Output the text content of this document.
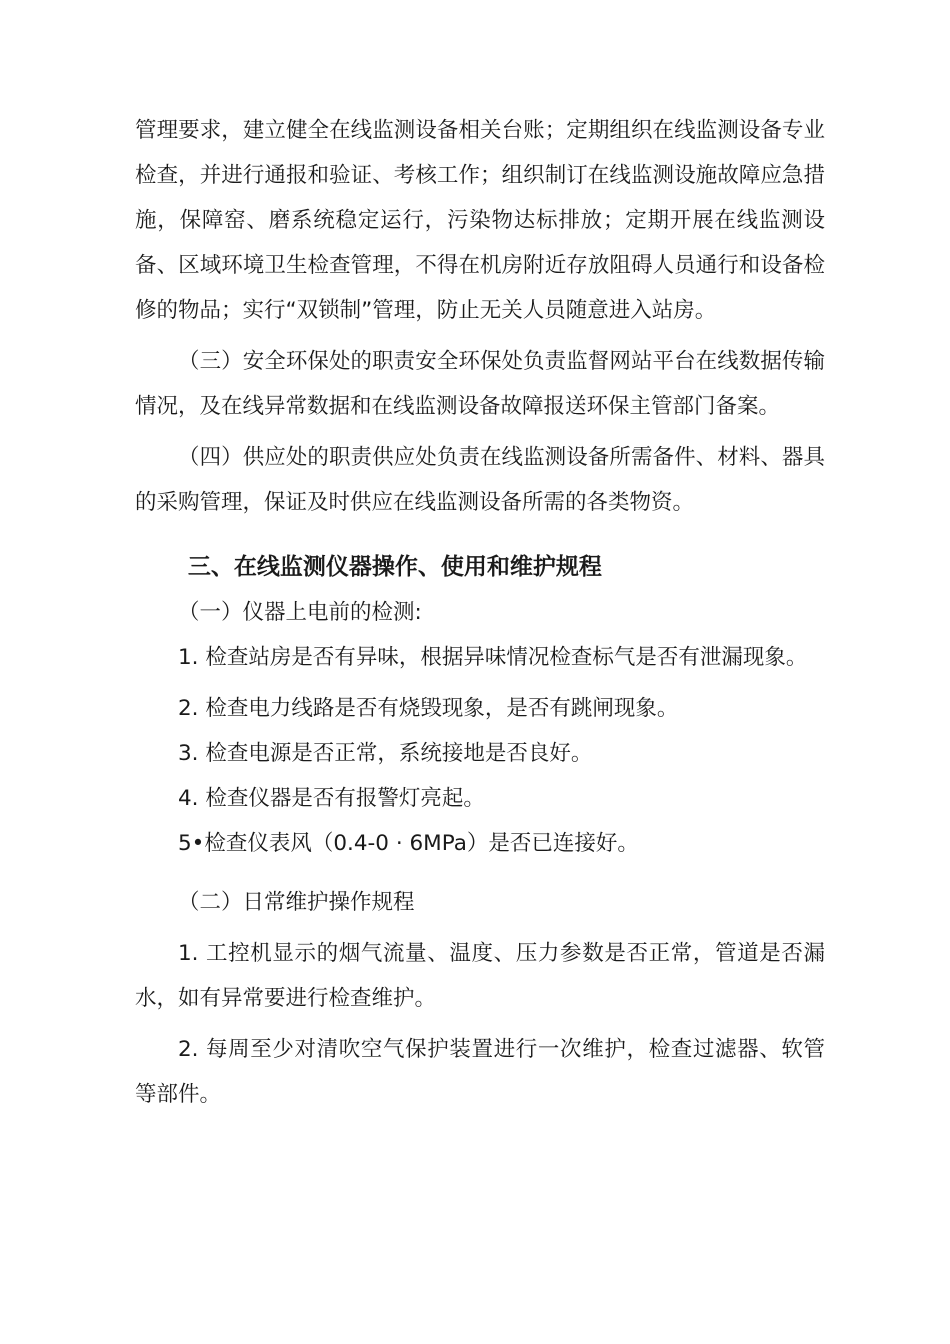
管理要求，建立健全在线监测设备相关台账；定期组织在线监测设备专业检查，并进行通报和验证、考核工作；组织制订在线监测设施故障应急措施，保障窑、磨系统稳定运行，污染物达标排放；定期开展在线监测设备、区域环境卫生检查管理，不得在机房附近存放阻碍人员通行和设备检修的物品；实行“双锁制”管理，防止无关人员随意进入站房。

（三）安全环保处的职责安全环保处负责监督网站平台在线数据传输情况，及在线异常数据和在线监测设备故障报送环保主管部门备案。

（四）供应处的职责供应处负责在线监测设备所需备件、材料、器具的采购管理，保证及时供应在线监测设备所需的各类物资。

三、在线监测仪器操作、使用和维护规程

（一）仪器上电前的检测:

1. 检查站房是否有异味，根据异味情况检查标气是否有泄漏现象。

2. 检查电力线路是否有烧毁现象，是否有跳闸现象。

3. 检查电源是否正常，系统接地是否良好。

4. 检查仪器是否有报警灯亮起。

5•检查仪表风（0.4-0 · 6MPa）是否已连接好。

（二）日常维护操作规程

1. 工控机显示的烟气流量、温度、压力参数是否正常，管道是否漏水，如有异常要进行检查维护。

2. 每周至少对清吹空气保护装置进行一次维护，检查过滤器、软管等部件。
